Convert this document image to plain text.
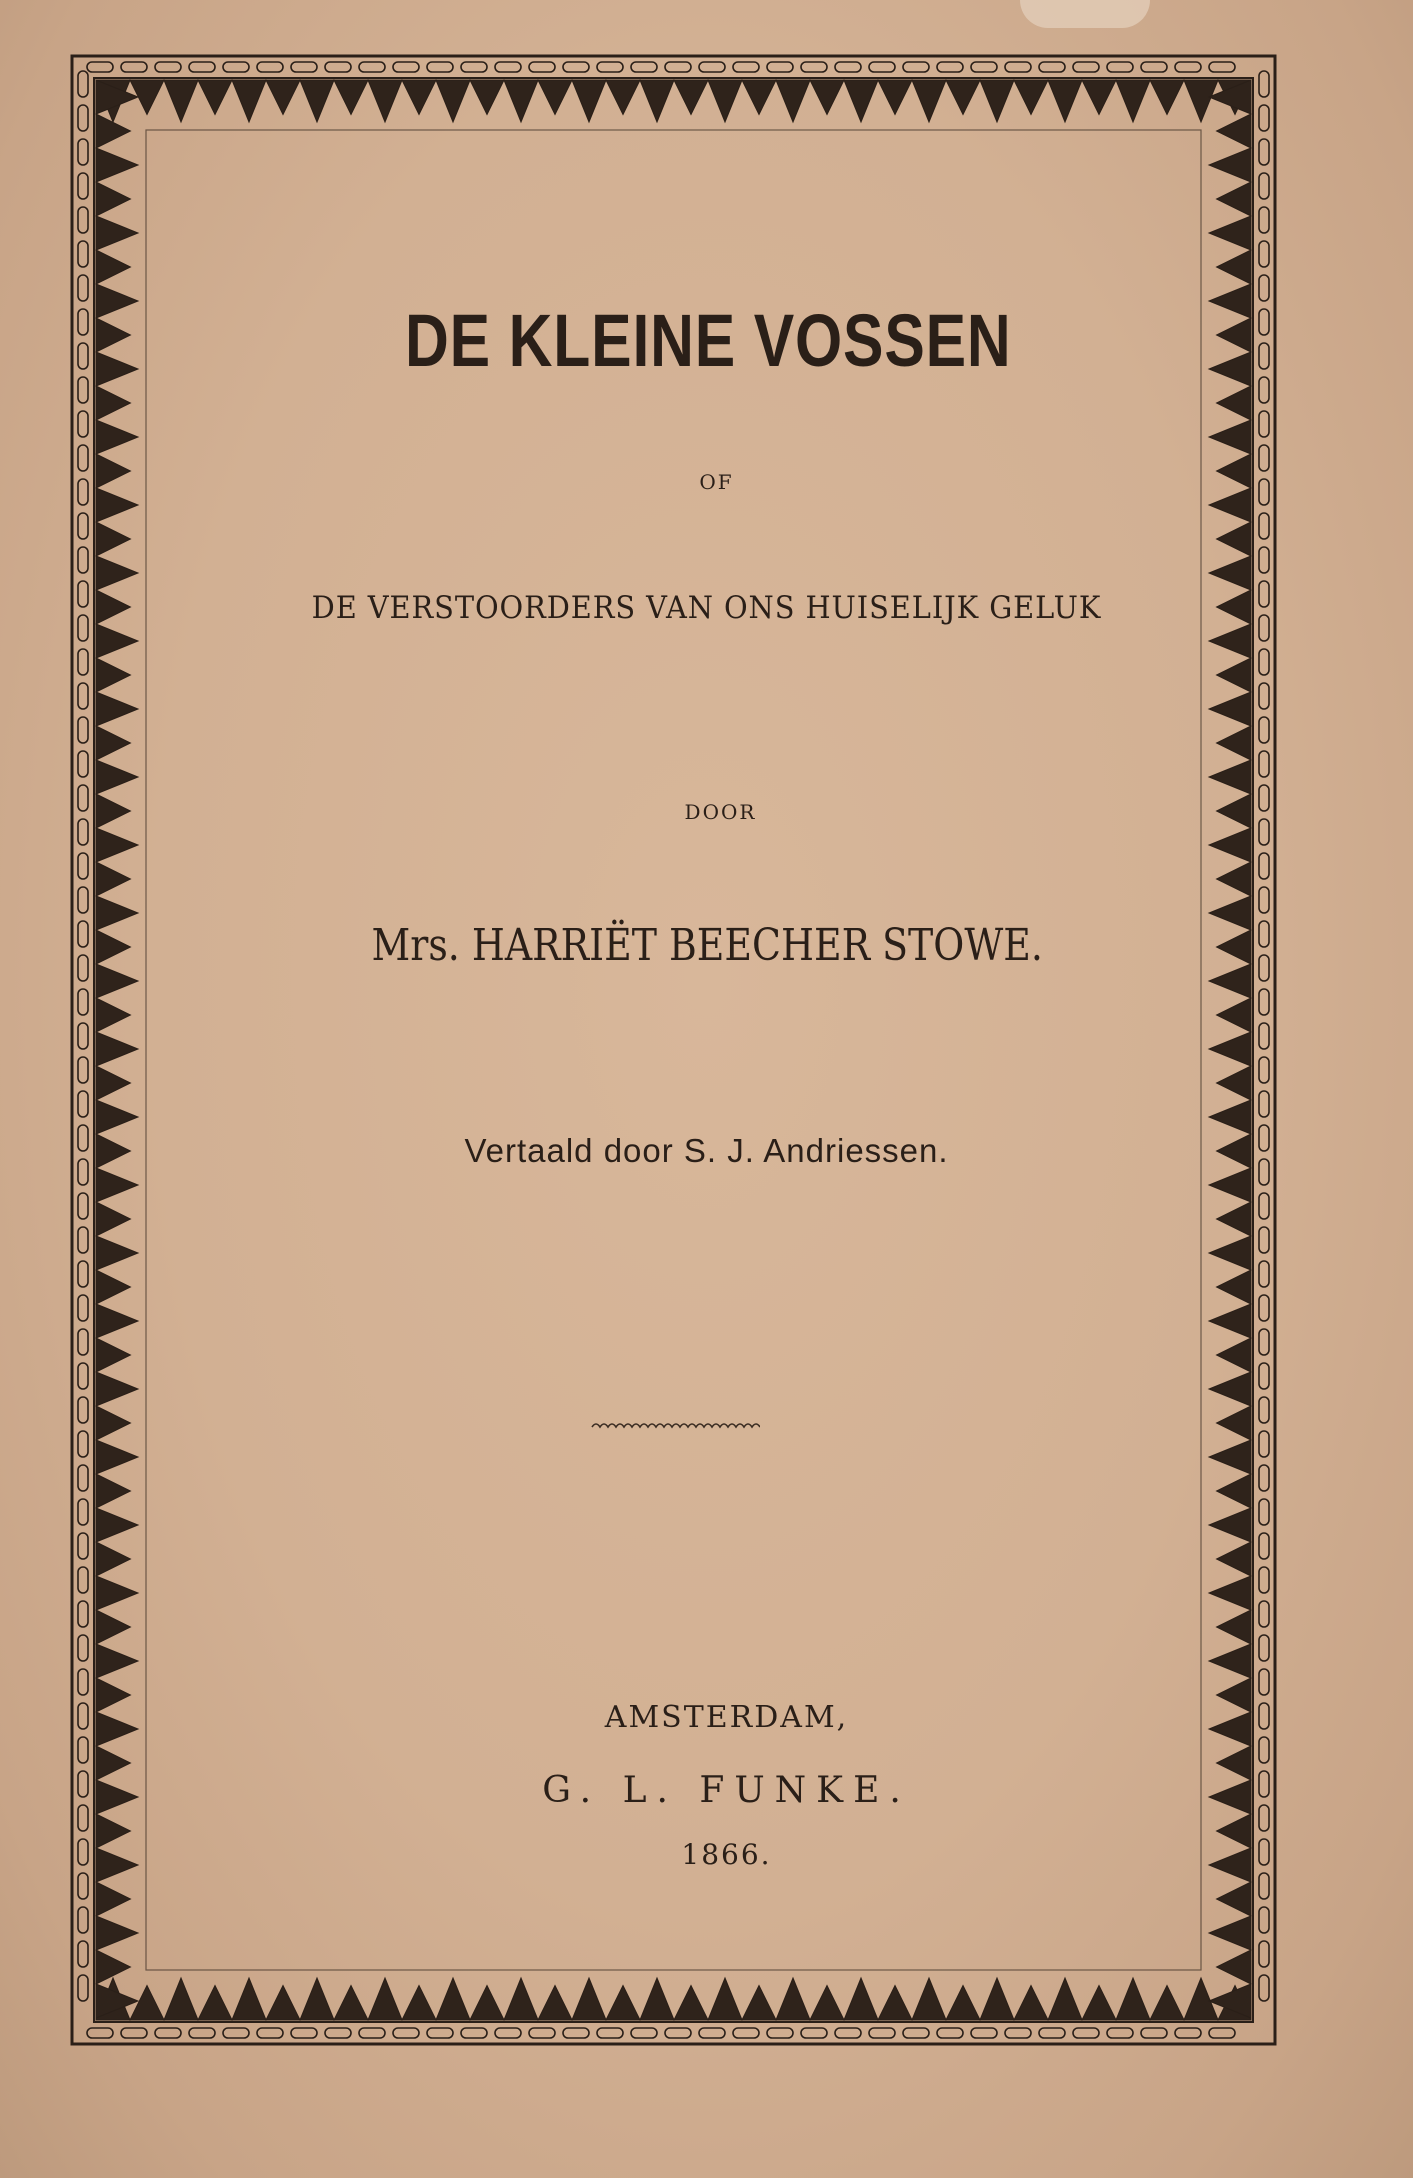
DE KLEINE VOSSEN
OF
DE VERSTOORDERS VAN ONS HUISELIJK GELUK
DOOR
Mrs. HARRIËT BEECHER STOWE.
Vertaald door S. J. Andriessen.
AMSTERDAM,
G. L. FUNKE.
1866.
